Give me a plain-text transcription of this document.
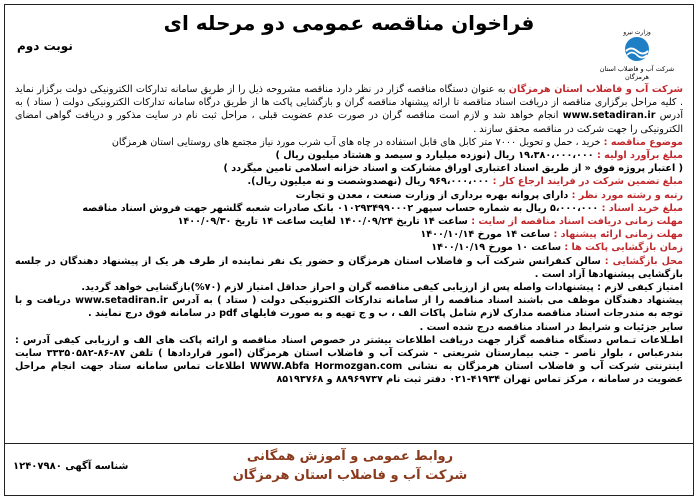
فراخوان مناقصه عمومی دو مرحله ای
نوبت دوم
وزارت نیرو
شرکت آب و فاضلاب استان هرمزگان

شرکت آب و فاضلاب استان هرمزگان به عنوان دستگاه مناقصه گزار در نظر دارد مناقصه مشروحه ذیل را از طریق سامانه تدارکات الکترونیکی دولت برگزار نماید . کلیه مراحل برگزاری مناقصه از دریافت اسناد مناقصه تا ارائه پیشنهاد مناقصه گران و بازگشایی پاکت ها از طریق درگاه سامانه تدارکات الکترونیکی دولت ( ستاد ) به آدرس www.setadiran.ir انجام خواهد شد و لازم است مناقصه گران در صورت عدم عضویت قبلی ، مراحل ثبت نام در سایت مذکور و دریافت گواهی امضای الکترونیکی را جهت شرکت در مناقصه محقق سازند .

موضوع مناقصه : خرید ، حمل و تحویل ۷۰۰۰ متر کابل های قابل استفاده در چاه های آب شرب مورد نیاز مجتمع های روستایی استان هرمزگان

مبلغ برآورد اولیه : ۱۹،۳۸۰،۰۰۰،۰۰۰ ریال (نوزده میلیارد و سیصد و هشتاد میلیون ریال )

( اعتبار پروژه فوق « از طریق اسناد اعتباری اوراق مشارکت و اسناد خزانه اسلامی تامین میگردد )

مبلغ تضمین شرکت در فرایند ارجاع کار : ۹۶۹،۰۰۰،۰۰۰ ریال (نهصدوشصت و نه میلیون ریال).

رتبه و رشته مورد نظر : دارای پروانه بهره برداری از وزارت صنعت ، معدن و تجارت

مبلغ خرید اسناد : ۵،۰۰۰،۰۰۰ ریال به شماره حساب سپهر ۰۱۰۲۹۳۴۹۹۰۰۰۲ بانک صادرات شعبه گلشهر جهت فروش اسناد مناقصه

مهلت زمانی دریافت اسناد مناقصه از سایت : ساعت ۱۴ تاریخ ۱۴۰۰/۰۹/۲۴ لغایت ساعت ۱۴ تاریخ ۱۴۰۰/۰۹/۳۰

مهلت زمانی ارائه پیشنهاد : ساعت ۱۴ مورخ ۱۴۰۰/۱۰/۱۴

زمان بازگشایی پاکت ها : ساعت ۱۰ مورخ ۱۴۰۰/۱۰/۱۹

محل بازگشایی : سالن کنفرانس شرکت آب و فاضلاب استان هرمزگان و حضور یک نفر نماینده از طرف هر یک از پیشنهاد دهندگان در جلسه بازگشایی پیشنهادها آزاد است .

امتیاز کیفی لازم : پیشنهادات واصله پس از ارزیابی کیفی مناقصه گران و احراز حداقل امتیاز لازم (۷۰%)بازگشایی خواهد گردید.

پیشنهاد دهندگان موظف می باشند اسناد مناقصه را از سامانه تدارکات الکترونیکی دولت ( ستاد ) به آدرس www.setadiran.ir دریافت و با توجه به مندرجات اسناد مناقصه مدارک لازم شامل پاکات الف ، ب و ج تهیه و به صورت فایلهای pdf در سامانه فوق درج نمایند .

سایر جزئیات و شرایط در اسناد مناقصه درج شده است .

اطـلاعات تـماس دستگاه مناقصه گزار جهت دریافت اطلاعات بیشتر در خصوص اسناد مناقصه و ارائه پاکت های الف و ارزیابی کیفی آدرس : بندرعباس ، بلوار ناصر - جنب بیمارستان شریعتی - شرکت آب و فاضلاب استان هرمزگان (امور قراردادها ) تلفن ۸۷-۸۶-۳۳۳۵۰۵۸۲ سایت اینترنتی شرکت آب و فاضلاب استان هرمزگان به نشانی WWW.Abfa Hormozgan.com اطلاعات تماس سامانه ستاد جهت انجام مراحل عضویت در سامانه ، مرکز تماس تهران ۴۱۹۳۴-۰۲۱ دفتر ثبت نام ۸۸۹۶۹۷۳۷ و ۸۵۱۹۳۷۶۸

روابط عمومی و آموزش همگانی
شرکت آب و فاضلاب استان هرمزگان
شناسه آگهی ۱۲۴۰۷۹۸۰
